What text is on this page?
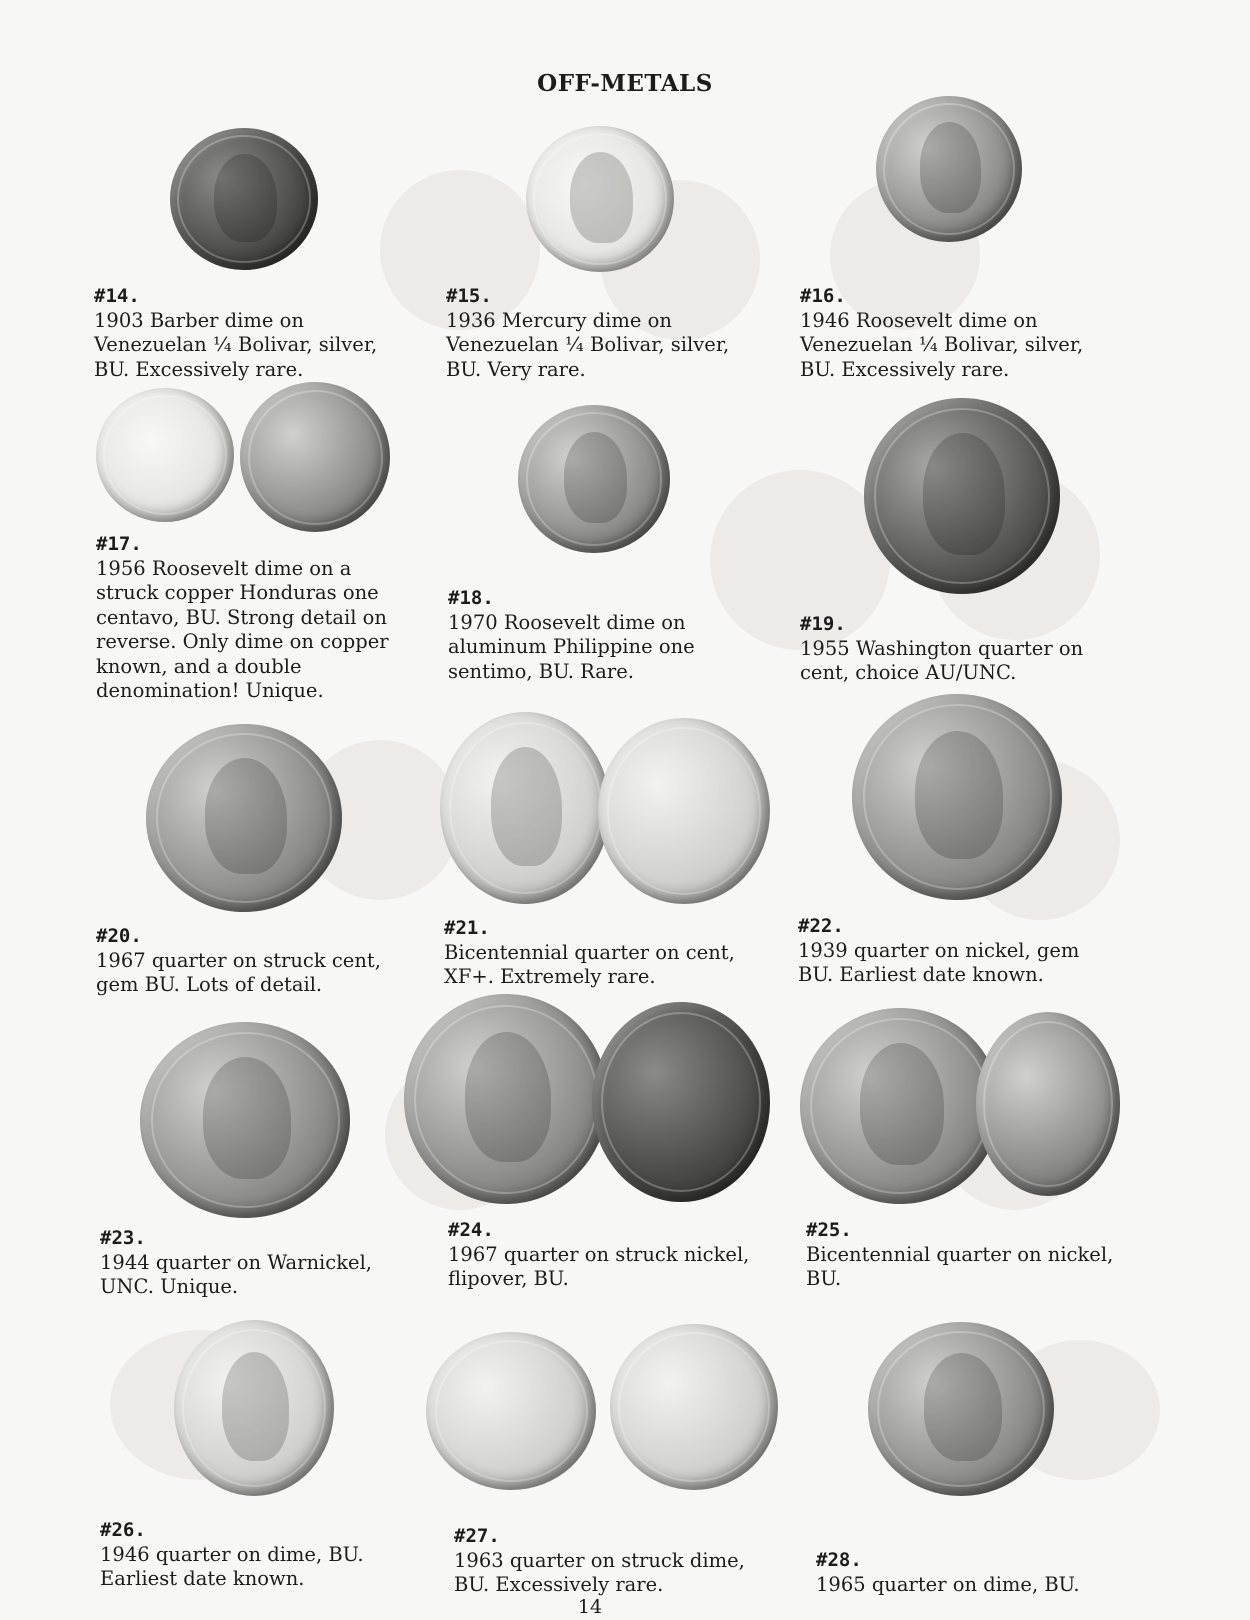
OFF-METALS
#14.
1903 Barber dime on Venezuelan ¼ Bolivar, silver, BU. Excessively rare.
#15.
1936 Mercury dime on Venezuelan ¼ Bolivar, silver, BU. Very rare.
#16.
1946 Roosevelt dime on Venezuelan ¼ Bolivar, silver, BU. Excessively rare.
#17.
1956 Roosevelt dime on a struck copper Honduras one centavo, BU. Strong detail on reverse. Only dime on copper known, and a double denomination! Unique.
#18.
1970 Roosevelt dime on aluminum Philippine one sentimo, BU. Rare.
#19.
1955 Washington quarter on cent, choice AU/UNC.
#20.
1967 quarter on struck cent, gem BU. Lots of detail.
#21.
Bicentennial quarter on cent, XF+. Extremely rare.
#22.
1939 quarter on nickel, gem BU. Earliest date known.
#23.
1944 quarter on Warnickel, UNC. Unique.
#24.
1967 quarter on struck nickel, flipover, BU.
#25.
Bicentennial quarter on nickel, BU.
#26.
1946 quarter on dime, BU. Earliest date known.
#27.
1963 quarter on struck dime, BU. Excessively rare.
#28.
1965 quarter on dime, BU.
14
